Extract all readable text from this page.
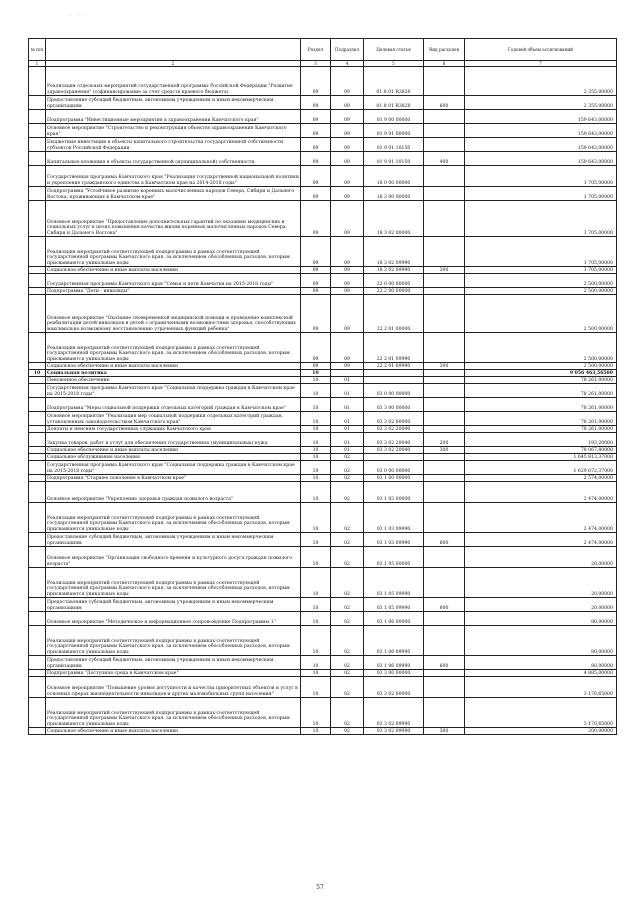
. . .
№ п/п		Раздел	Подраздел	Целевая статья	Вид расходов	Годовой объем ассигнований
1	2	3	4	5	6	7
	Реализация отдельных мероприятий государственной программы Российской Федерации "Развитие здравоохранения" (софинансирование за счет средств краевого бюджета)	09	09	01 8 01 R3820		2 355,00000
	Предоставление субсидий бюджетным, автономным учреждениям и иным некоммерческим организациям	09	09	01 8 01 R3820	600	2 355,00000
	Подпрограмма "Инвестиционные мероприятия в здравоохранении Камчатского края"	09	09	01 9 00 00000		159 643,00000
	Основное мероприятие "Строительство и реконструкция объектов здравоохранения Камчатского края"	09	09	01 9 01 00000		159 643,00000
	Бюджетные инвестиции в объекты капитального строительства государственной собственности субъектов Российской Федерации	09	09	01 9 01 10150		159 643,00000
	Капитальные вложения в объекты государственной (муниципальной) собственности	09	09	01 9 01 10150	400	159 643,00000
	Государственная программа Камчатского края "Реализация государственной национальной политики и укрепление гражданского единства в Камчатском крае на 2014-2018 годы"	09	09	18 0 00 00000		1 705,00000
	Подпрограмма "Устойчивое развитие коренных малочисленных народов Севера, Сибири и Дальнего Востока, проживающих в Камчатском крае"	09	09	18 3 00 00000		1 705,00000
	Основное мероприятие "Предоставление дополнительных гарантий по оказанию медицинских и социальных услуг в целях повышения качества жизни коренных малочисленных народов Севера, Сибири и Дальнего Востока"	09	09	18 3 02 00000		1 705,00000
	Реализация мероприятий соответствующей подпрограммы в рамках соответствующей государственной программы Камчатского края, за исключением обособленных расходов, которым присваиваются уникальные коды	09	09	18 3 02 09990		1 705,00000
	Социальное обеспечение и иные выплаты населению	09	09	18 3 02 09990	300	1 705,00000
	Государственная программа Камчатского края "Семья и дети Камчатки на 2015-2018 годы"	09	09	22 0 00 00000		2 500,00000
	Подпрограмма "Дети - инвалиды"	09	09	22 2 00 00000		2 500,00000
	Основное мероприятие "Оказание своевременной медицинской помощи и проведение комплексной реабилитации детей-инвалидов и детей с ограниченными возможностями здоровья, способствующих максимально возможному восстановлению утраченных функций ребенка"	09	09	22 2 01 00000		2 500,00000
	Реализация мероприятий соответствующей подпрограммы в рамках соответствующей государственной программы Камчатского края, за исключением обособленных расходов, которым присваиваются уникальные коды	09	09	22 2 01 09990		2 500,00000
	Социальное обеспечение и иные выплаты населению	09	09	22 2 01 09990	300	2 500,00000
10	Социальная политика	10				9 056 463,56580
	Пенсионное обеспечение	10	01			78 261,00000
	Государственная программа Камчатского края "Социальная поддержка граждан в Камчатском крае на 2015-2018 годы"	10	01	03 0 00 00000		78 261,00000
	Подпрограмма "Меры социальной поддержки отдельных категорий граждан в Камчатском крае"	10	01	03 3 00 00000		78 261,00000
	Основное мероприятие "Реализация мер социальной поддержки отдельных категорий граждан, установленных законодательством Камчатского края"	10	01	03 3 02 00000		78 261,00000
	Доплаты к пенсиям государственных служащих Камчатского края	10	01	03 3 02 20040		78 261,00000
	Закупка товаров, работ и услуг для обеспечения государственных (муниципальных) нужд	10	01	03 3 02 20040	200	193,20000
	Социальное обеспечение и иные выплаты населению	10	01	03 3 02 20040	300	78 067,80000
	Социальное обслуживание населения	10	02			1 645 813,37000
	Государственная программа Камчатского края "Социальная поддержка граждан в Камчатском крае на 2015-2018 годы"	10	02	03 0 00 00000		1 629 672,37000
	Подпрограмма "Старшее поколение в Камчатском крае"	10	02	03 1 00 00000		2 574,00000
	Основное мероприятие "Укрепление здоровья граждан пожилого возраста"	10	02	03 1 03 00000		2 474,00000
	Реализация мероприятий соответствующей подпрограммы в рамках соответствующей государственной программы Камчатского края, за исключением обособленных расходов, которым присваиваются уникальные коды	10	02	03 1 03 09990		2 474,00000
	Предоставление субсидий бюджетным, автономным учреждениям и иным некоммерческим организациям	10	02	03 1 03 09990	600	2 474,00000
	Основное мероприятие "Организация свободного времени и культурного досуга граждан пожилого возраста"	10	02	03 1 05 00000		20,00000
	Реализация мероприятий соответствующей подпрограммы в рамках соответствующей государственной программы Камчатского края, за исключением обособленных расходов, которым присваиваются уникальные коды	10	02	03 1 05 09990		20,00000
	Предоставление субсидий бюджетным, автономным учреждениям и иным некоммерческим организациям	10	02	03 1 05 09990	600	20,00000
	Основное мероприятие "Методическое и информационное сопровождение Подпрограммы 1"	10	02	03 1 06 00000		80,00000
	Реализация мероприятий соответствующей подпрограммы в рамках соответствующей государственной программы Камчатского края, за исключением обособленных расходов, которым присваиваются уникальные коды	10	02	03 1 06 09990		80,00000
	Предоставление субсидий бюджетным, автономным учреждениям и иным некоммерческим организациям	10	02	03 1 06 09990	600	80,00000
	Подпрограмма "Доступная среда в Камчатском крае"	10	02	03 3 00 00000		4 885,00000
	Основное мероприятие "Повышение уровня доступности и качества приоритетных объектов и услуг в основных сферах жизнедеятельности инвалидов и других маломобильных групп населения"	10	02	03 3 02 00000		3 170,65000
	Реализация мероприятий соответствующей подпрограммы в рамках соответствующей государственной программы Камчатского края, за исключением обособленных расходов, которым присваиваются уникальные коды	10	02	03 3 02 09990		3 170,65000
	Социальное обеспечение и иные выплаты населению	10	02	03 3 02 09990	300	200,00000
57
